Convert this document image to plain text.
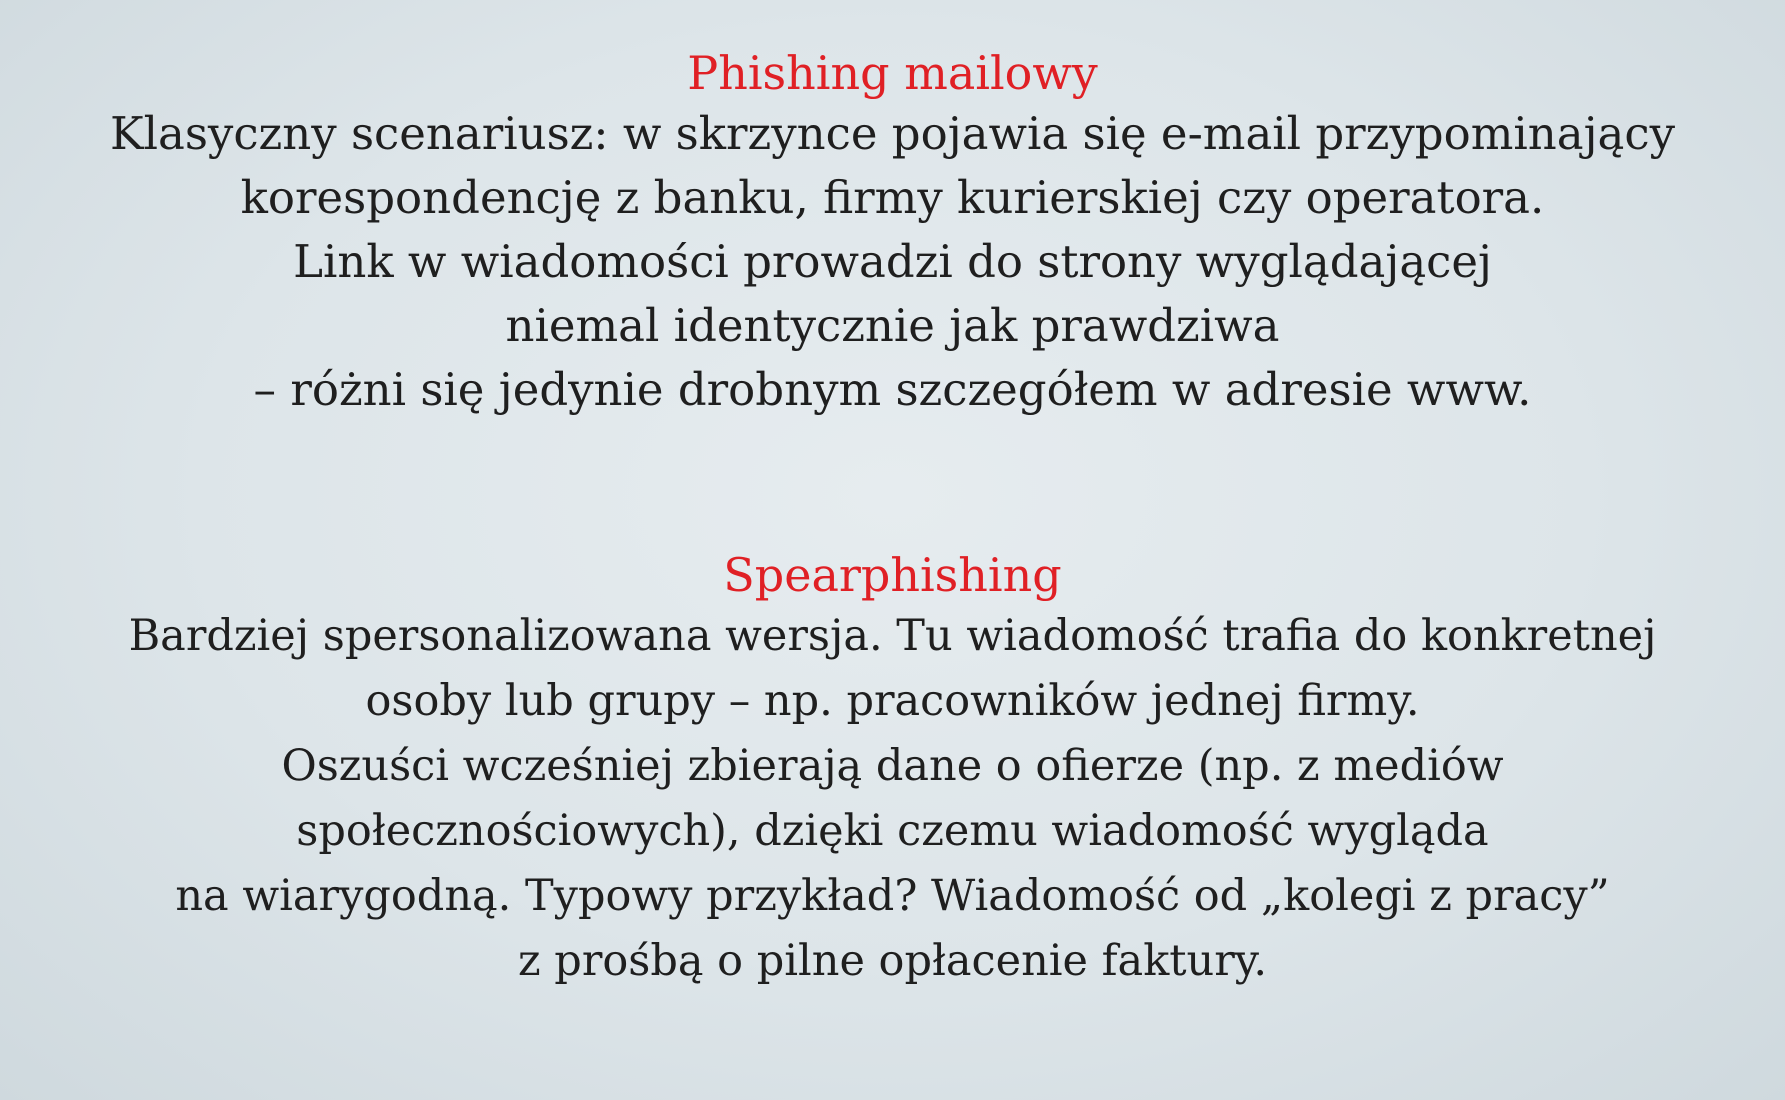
Phishing mailowy

Klasyczny scenariusz: w skrzynce pojawia się e-mail przypominający

korespondencję z banku, firmy kurierskiej czy operatora.

Link w wiadomości prowadzi do strony wyglądającej

niemal identycznie jak prawdziwa

– różni się jedynie drobnym szczegółem w adresie www.

Spearphishing

Bardziej spersonalizowana wersja. Tu wiadomość trafia do konkretnej

osoby lub grupy – np. pracowników jednej firmy.

Oszuści wcześniej zbierają dane o ofierze (np. z mediów

społecznościowych), dzięki czemu wiadomość wygląda

na wiarygodną. Typowy przykład? Wiadomość od „kolegi z pracy”

z prośbą o pilne opłacenie faktury.
